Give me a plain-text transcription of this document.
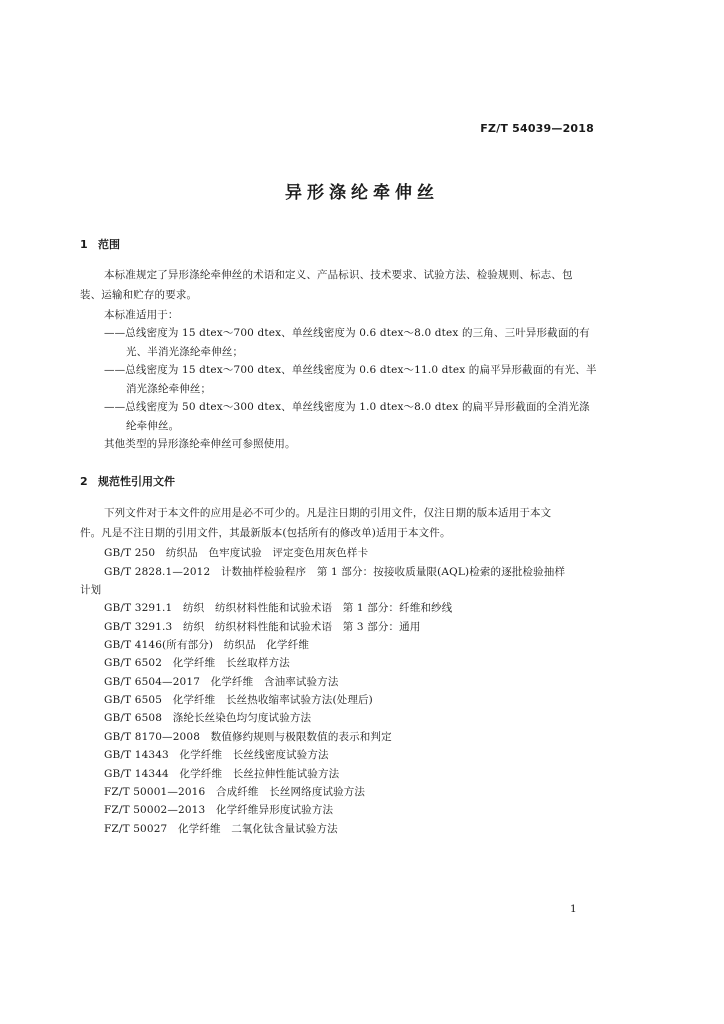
FZ/T 54039—2018
异形涤纶牵伸丝
1 范围
本标准规定了异形涤纶牵伸丝的术语和定义、产品标识、技术要求、试验方法、检验规则、标志、包
装、运输和贮存的要求。
本标准适用于：
——总线密度为 15 dtex～700 dtex、单丝线密度为 0.6 dtex～8.0 dtex 的三角、三叶异形截面的有
光、半消光涤纶牵伸丝；
——总线密度为 15 dtex～700 dtex、单丝线密度为 0.6 dtex～11.0 dtex 的扁平异形截面的有光、半
消光涤纶牵伸丝；
——总线密度为 50 dtex～300 dtex、单丝线密度为 1.0 dtex～8.0 dtex 的扁平异形截面的全消光涤
纶牵伸丝。
其他类型的异形涤纶牵伸丝可参照使用。
2 规范性引用文件
下列文件对于本文件的应用是必不可少的。凡是注日期的引用文件，仅注日期的版本适用于本文
件。凡是不注日期的引用文件，其最新版本(包括所有的修改单)适用于本文件。
GB/T 250　纺织品　色牢度试验　评定变色用灰色样卡
GB/T 2828.1—2012　计数抽样检验程序　第 1 部分：按接收质量限(AQL)检索的逐批检验抽样
计划
GB/T 3291.1　纺织　纺织材料性能和试验术语　第 1 部分：纤维和纱线
GB/T 3291.3　纺织　纺织材料性能和试验术语　第 3 部分：通用
GB/T 4146(所有部分)　纺织品　化学纤维
GB/T 6502　化学纤维　长丝取样方法
GB/T 6504—2017　化学纤维　含油率试验方法
GB/T 6505　化学纤维　长丝热收缩率试验方法(处理后)
GB/T 6508　涤纶长丝染色均匀度试验方法
GB/T 8170—2008　数值修约规则与极限数值的表示和判定
GB/T 14343　化学纤维　长丝线密度试验方法
GB/T 14344　化学纤维　长丝拉伸性能试验方法
FZ/T 50001—2016　合成纤维　长丝网络度试验方法
FZ/T 50002—2013　化学纤维异形度试验方法
FZ/T 50027　化学纤维　二氧化钛含量试验方法
1
